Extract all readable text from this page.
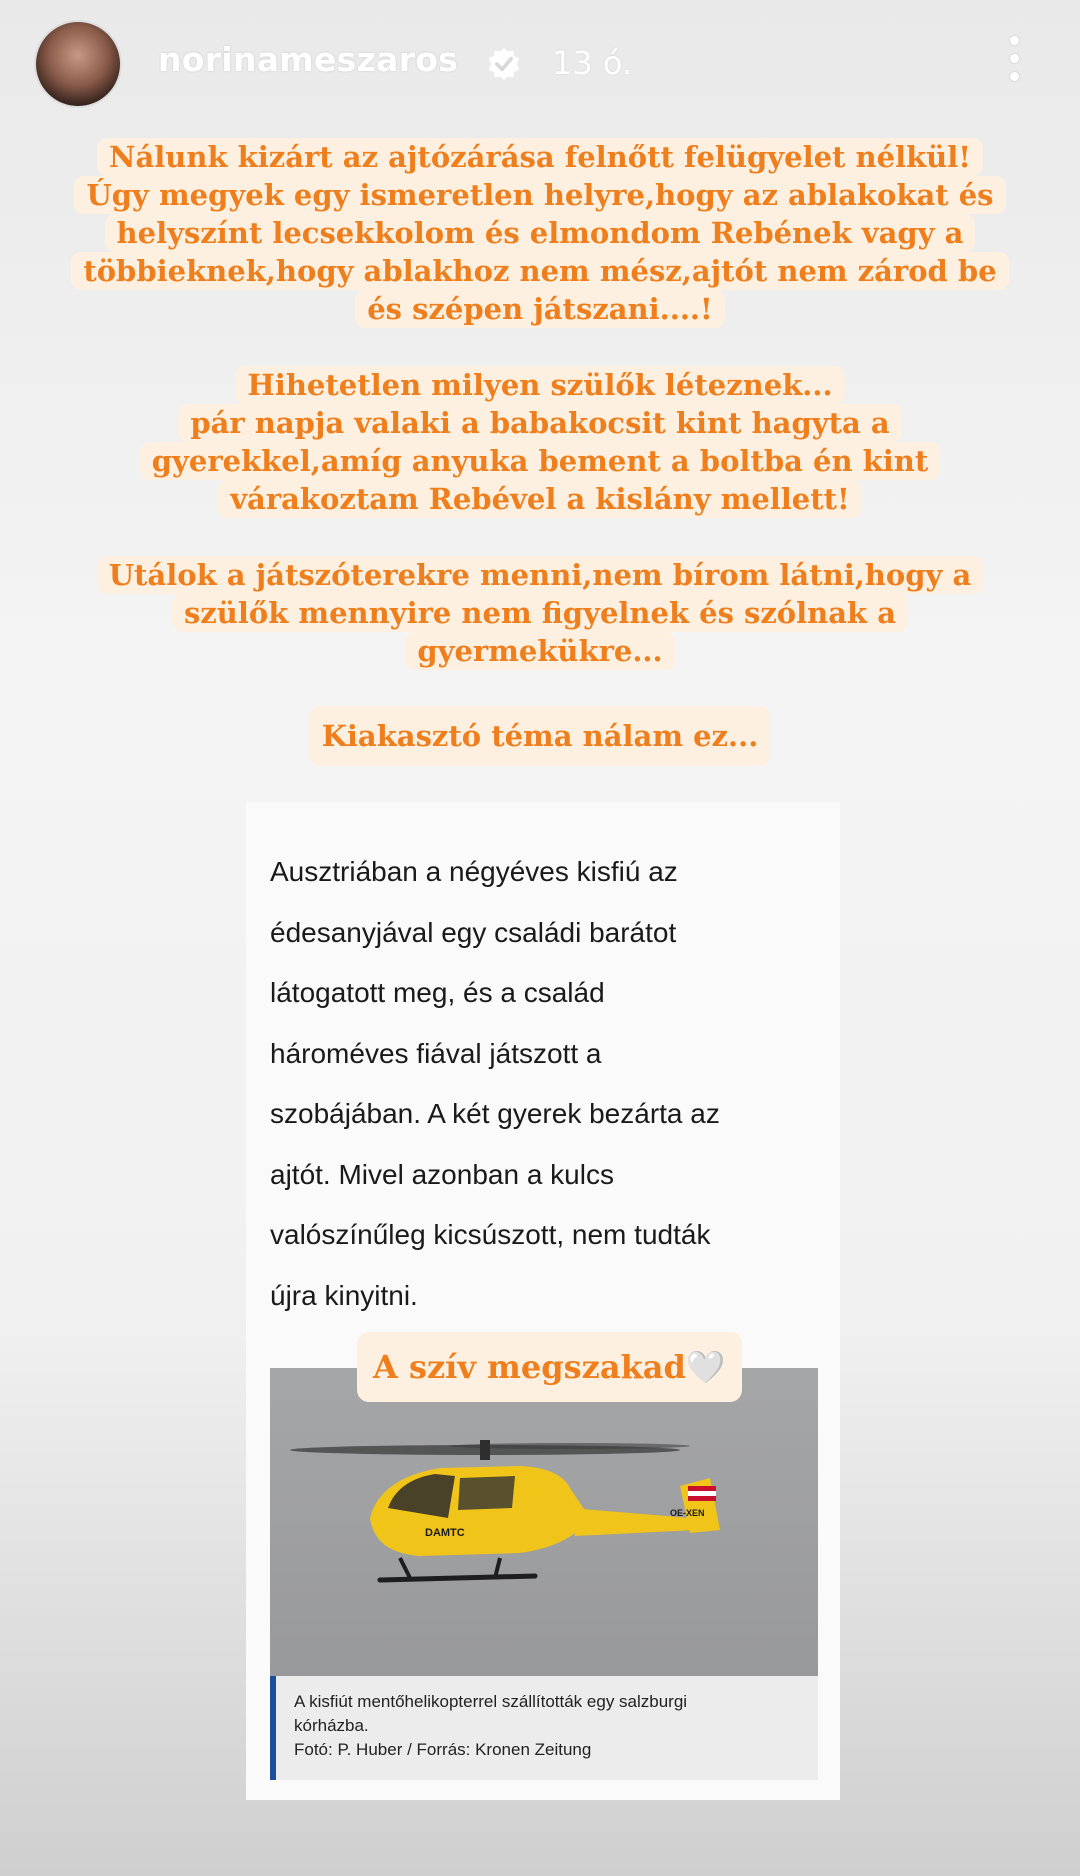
norinameszaros	13 ó.
Nálunk kizárt az ajtózárása felnőtt felügyelet nélkül!
Úgy megyek egy ismeretlen helyre,hogy az ablakokat és
helyszínt lecsekkolom és elmondom Rebének vagy a
többieknek,hogy ablakhoz nem mész,ajtót nem zárod be
és szépen játszani....!
Hihetetlen milyen szülők léteznek...
pár napja valaki a babakocsit kint hagyta a
gyerekkel,amíg anyuka bement a boltba én kint
várakoztam Rebével a kislány mellett!
Utálok a játszóterekre menni,nem bírom látni,hogy a
szülők mennyire nem figyelnek és szólnak a
gyermekükre...
Kiakasztó téma nálam ez...
Ausztriában a négyéves kisfiú az
édesanyjával egy családi barátot
látogatott meg, és a család
hároméves fiával játszott a
szobájában. A két gyerek bezárta az
ajtót. Mivel azonban a kulcs
valószínűleg kicsúszott, nem tudták
újra kinyitni.
DAMTC
OE-XEN
A kisfiút mentőhelikopterrel szállították egy salzburgi
kórházba.
Fotó: P. Huber / Forrás: Kronen Zeitung
A szív megszakad🤍
